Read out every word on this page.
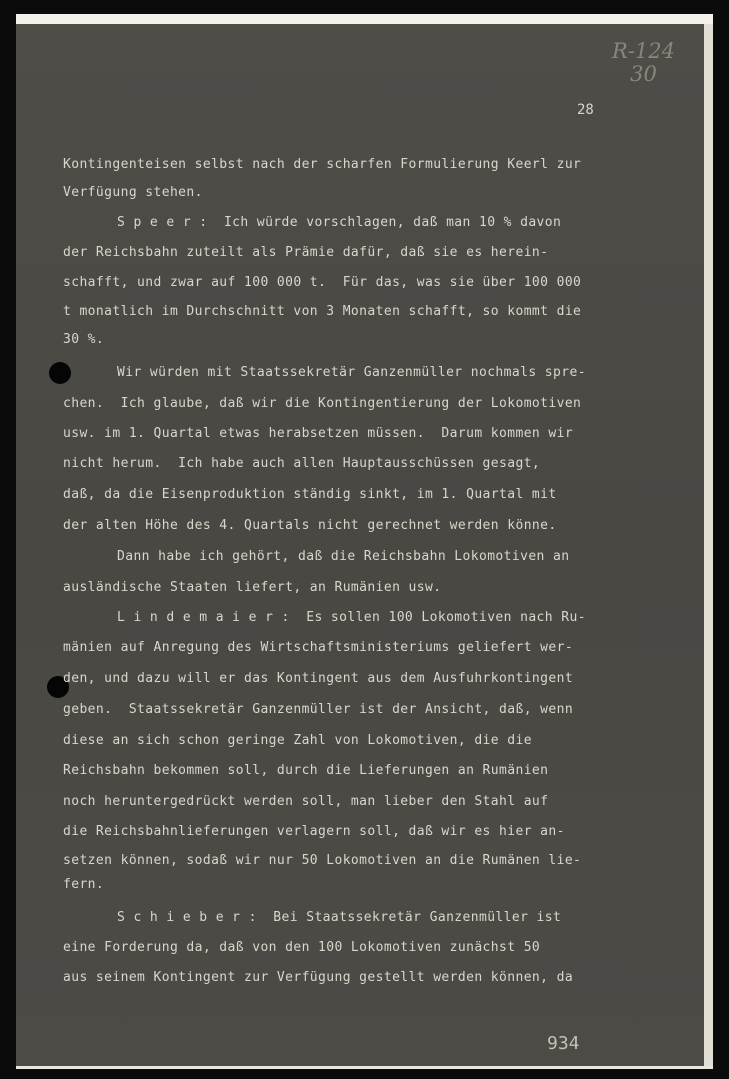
R-124
30
28
Kontingenteisen selbst nach der scharfen Formulierung Keerl zur
Verfügung stehen.
S p e e r :  Ich würde vorschlagen, daß man 10 % davon
der Reichsbahn zuteilt als Prämie dafür, daß sie es herein-
schafft, und zwar auf 100 000 t.  Für das, was sie über 100 000
t monatlich im Durchschnitt von 3 Monaten schafft, so kommt die
30 %.
Wir würden mit Staatssekretär Ganzenmüller nochmals spre-
chen.  Ich glaube, daß wir die Kontingentierung der Lokomotiven
usw. im 1. Quartal etwas herabsetzen müssen.  Darum kommen wir
nicht herum.  Ich habe auch allen Hauptausschüssen gesagt,
daß, da die Eisenproduktion ständig sinkt, im 1. Quartal mit
der alten Höhe des 4. Quartals nicht gerechnet werden könne.
Dann habe ich gehört, daß die Reichsbahn Lokomotiven an
ausländische Staaten liefert, an Rumänien usw.
L i n d e m a i e r :  Es sollen 100 Lokomotiven nach Ru-
mänien auf Anregung des Wirtschaftsministeriums geliefert wer-
den, und dazu will er das Kontingent aus dem Ausfuhrkontingent
geben.  Staatssekretär Ganzenmüller ist der Ansicht, daß, wenn
diese an sich schon geringe Zahl von Lokomotiven, die die
Reichsbahn bekommen soll, durch die Lieferungen an Rumänien
noch heruntergedrückt werden soll, man lieber den Stahl auf
die Reichsbahnlieferungen verlagern soll, daß wir es hier an-
setzen können, sodaß wir nur 50 Lokomotiven an die Rumänen lie-
fern.
S c h i e b e r :  Bei Staatssekretär Ganzenmüller ist
eine Forderung da, daß von den 100 Lokomotiven zunächst 50
aus seinem Kontingent zur Verfügung gestellt werden können, da
934
